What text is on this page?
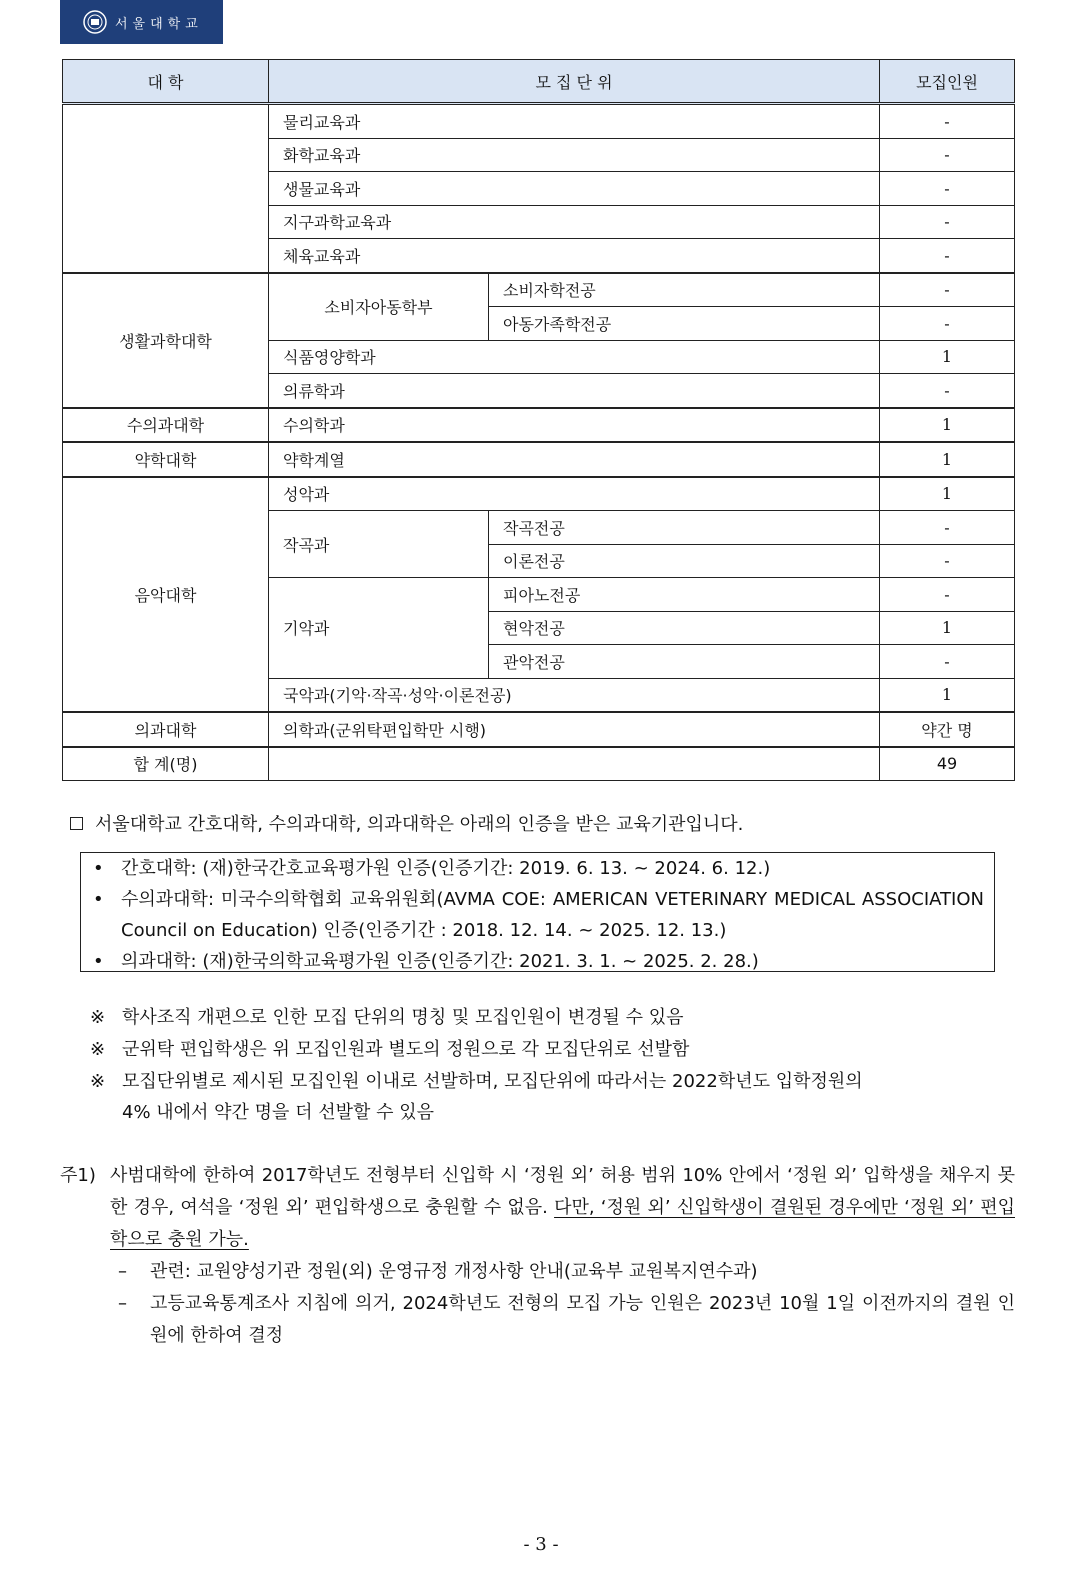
서울대학교
대 학	모 집 단 위		모집인원
	물리교육과		-
	화학교육과		-
	생물교육과		-
	지구과학교육과		-
	체육교육과		-
생활과학대학	소비자아동학부	소비자학전공	-
		아동가족학전공	-
	식품영양학과		1
	의류학과		-
수의과대학	수의학과		1
약학대학	약학계열		1
음악대학	성악과		1
	작곡과	작곡전공	-
		이론전공	-
	기악과	피아노전공	-
		현악전공	1
		관악전공	-
	국악과(기악·작곡·성악·이론전공)		1
의과대학	의학과(군위탁편입학만 시행)		약간 명
합 계(명)			49
서울대학교 간호대학, 수의과대학, 의과대학은 아래의 인증을 받은 교육기관입니다.
• 간호대학: (재)한국간호교육평가원 인증(인증기간: 2019. 6. 13. ~ 2024. 6. 12.)
• 수의과대학: 미국수의학협회 교육위원회(AVMA COE: AMERICAN VETERINARY MEDICAL ASSOCIATION Council on Education) 인증(인증기간 : 2018. 12. 14. ~ 2025. 12. 13.)
• 의과대학: (재)한국의학교육평가원 인증(인증기간: 2021. 3. 1. ~ 2025. 2. 28.)
※ 학사조직 개편으로 인한 모집 단위의 명칭 및 모집인원이 변경될 수 있음
※ 군위탁 편입학생은 위 모집인원과 별도의 정원으로 각 모집단위로 선발함
※ 모집단위별로 제시된 모집인원 이내로 선발하며, 모집단위에 따라서는 2022학년도 입학정원의
4% 내에서 약간 명을 더 선발할 수 있음
주1) 사범대학에 한하여 2017학년도 전형부터 신입학 시 ‘정원 외’ 허용 범위 10% 안에서 ‘정원 외’ 입학생을 채우지 못한 경우, 여석을 ‘정원 외’ 편입학생으로 충원할 수 없음. 다만, ‘정원 외’ 신입학생이 결원된 경우에만 ‘정원 외’ 편입학으로 충원 가능.
– 관련: 교원양성기관 정원(외) 운영규정 개정사항 안내(교육부 교원복지연수과)
– 고등교육통계조사 지침에 의거, 2024학년도 전형의 모집 가능 인원은 2023년 10월 1일 이전까지의 결원 인원에 한하여 결정
- 3 -
